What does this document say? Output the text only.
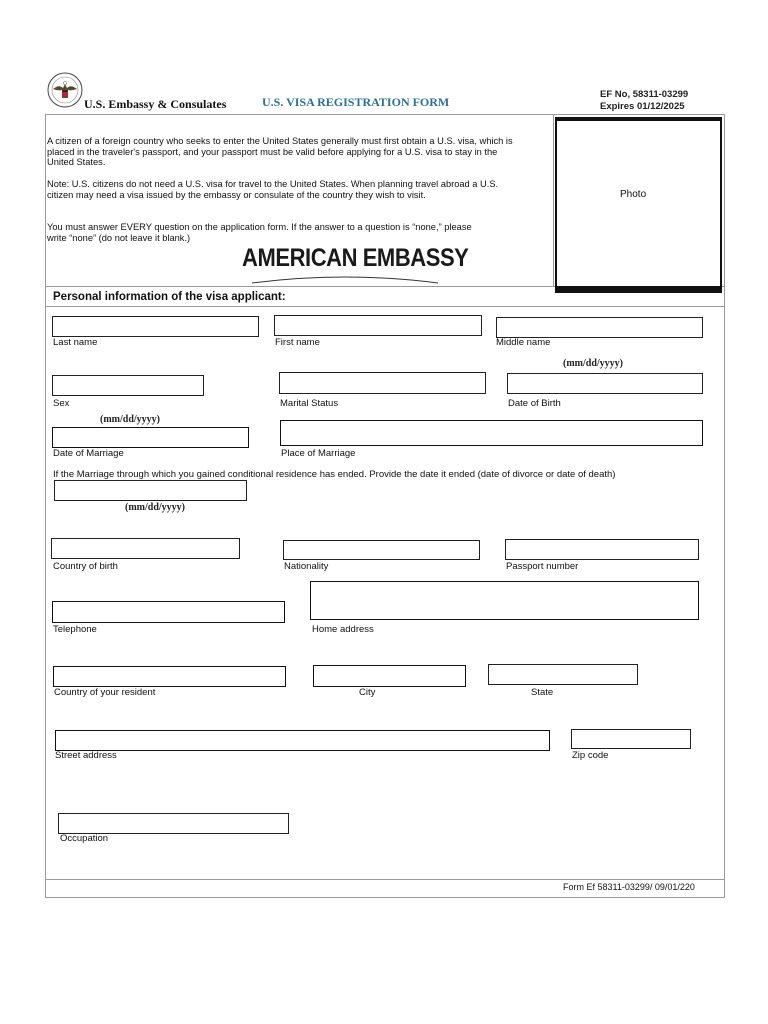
U.S. Embassy & Consulates	U.S. VISA REGISTRATION FORM
EF No, 58311-03299
Expires 01/12/2025
A citizen of a foreign country who seeks to enter the United States generally must first obtain a U.S. visa, which is
placed in the traveler's passport, and your passport must be valid before applying for a U.S. visa to stay in the
United States.
Note: U.S. citizens do not need a U.S. visa for travel to the United States. When planning travel abroad a U.S.
citizen may need a visa issued by the embassy or consulate of the country they wish to visit.
You must answer EVERY question on the application form. If the answer to a question is “none,” please
write “none” (do not leave it blank.)
Photo
AMERICAN EMBASSY
Personal information of the visa applicant:
Last name	First name	Middle name
(mm/dd/yyyy)
Sex	Marital Status	Date of Birth
(mm/dd/yyyy)
Date of Marriage	Place of Marriage
If the Marriage through which you gained conditional residence has ended. Provide the date it ended (date of divorce or date of death)
(mm/dd/yyyy)
Country of birth	Nationality	Passport number
Telephone	Home address
Country of your resident	City	State
Street address	Zip code
Occupation
Form Ef 58311-03299/ 09/01/220
